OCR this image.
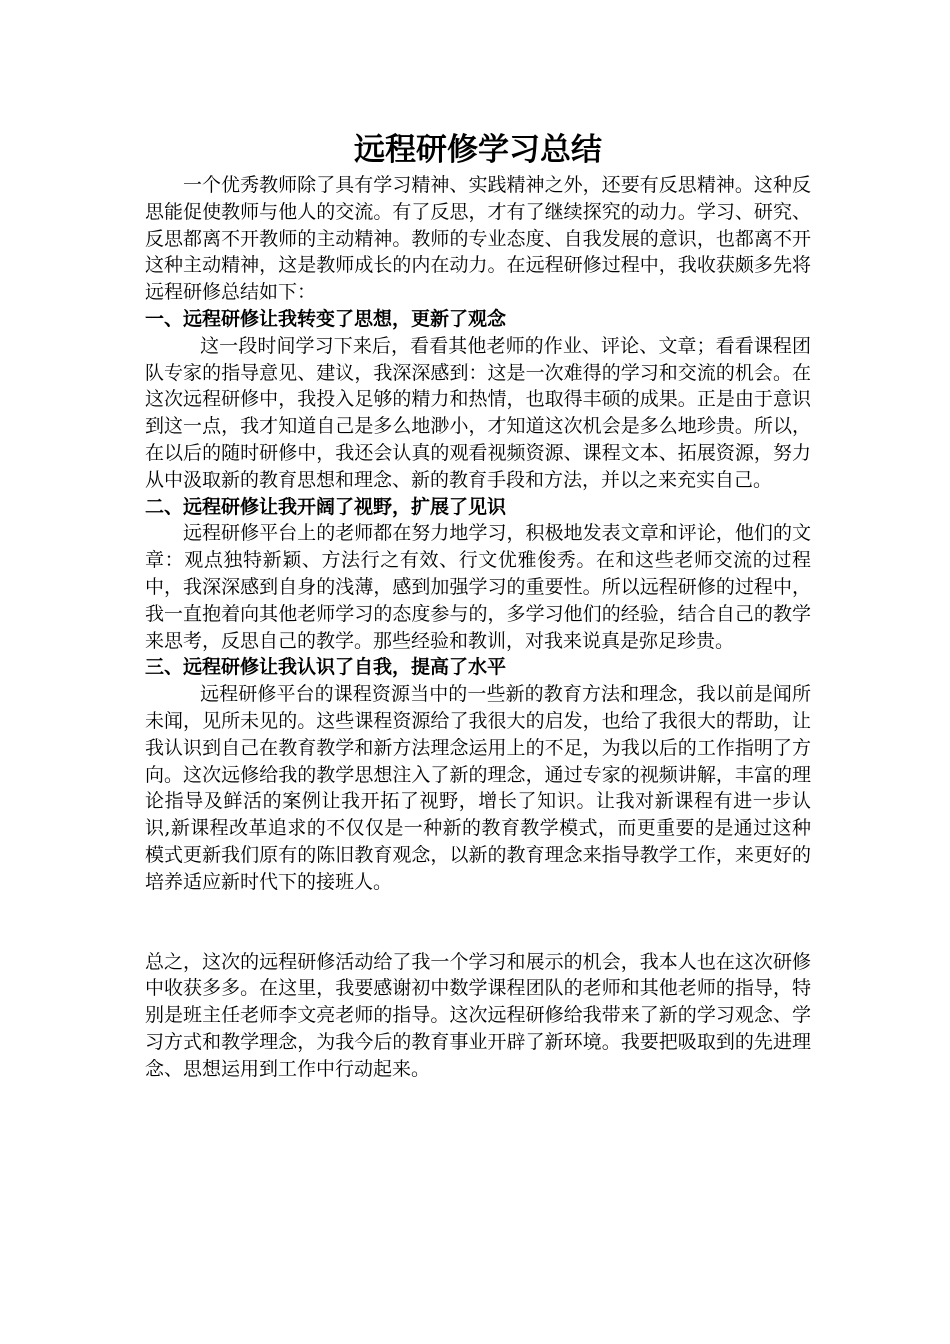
远程研修学习总结

一个优秀教师除了具有学习精神、实践精神之外，还要有反思精神。这种反思能促使教师与他人的交流。有了反思，才有了继续探究的动力。学习、研究、反思都离不开教师的主动精神。教师的专业态度、自我发展的意识，也都离不开这种主动精神，这是教师成长的内在动力。在远程研修过程中，我收获颇多先将远程研修总结如下：

一、远程研修让我转变了思想，更新了观念

这一段时间学习下来后，看看其他老师的作业、评论、文章；看看课程团队专家的指导意见、建议，我深深感到：这是一次难得的学习和交流的机会。在这次远程研修中，我投入足够的精力和热情，也取得丰硕的成果。正是由于意识到这一点，我才知道自己是多么地渺小，才知道这次机会是多么地珍贵。所以，在以后的随时研修中，我还会认真的观看视频资源、课程文本、拓展资源，努力从中汲取新的教育思想和理念、新的教育手段和方法，并以之来充实自己。

二、远程研修让我开阔了视野，扩展了见识

远程研修平台上的老师都在努力地学习，积极地发表文章和评论，他们的文章：观点独特新颖、方法行之有效、行文优雅俊秀。在和这些老师交流的过程中，我深深感到自身的浅薄，感到加强学习的重要性。所以远程研修的过程中，我一直抱着向其他老师学习的态度参与的，多学习他们的经验，结合自己的教学来思考，反思自己的教学。那些经验和教训，对我来说真是弥足珍贵。

三、远程研修让我认识了自我，提高了水平

远程研修平台的课程资源当中的一些新的教育方法和理念，我以前是闻所未闻，见所未见的。这些课程资源给了我很大的启发，也给了我很大的帮助，让我认识到自己在教育教学和新方法理念运用上的不足，为我以后的工作指明了方向。这次远修给我的教学思想注入了新的理念，通过专家的视频讲解，丰富的理论指导及鲜活的案例让我开拓了视野，增长了知识。让我对新课程有进一步认识,新课程改革追求的不仅仅是一种新的教育教学模式，而更重要的是通过这种模式更新我们原有的陈旧教育观念，以新的教育理念来指导教学工作，来更好的培养适应新时代下的接班人。

总之，这次的远程研修活动给了我一个学习和展示的机会，我本人也在这次研修中收获多多。在这里，我要感谢初中数学课程团队的老师和其他老师的指导，特别是班主任老师李文亮老师的指导。这次远程研修给我带来了新的学习观念、学习方式和教学理念，为我今后的教育事业开辟了新环境。我要把吸取到的先进理念、思想运用到工作中行动起来。
